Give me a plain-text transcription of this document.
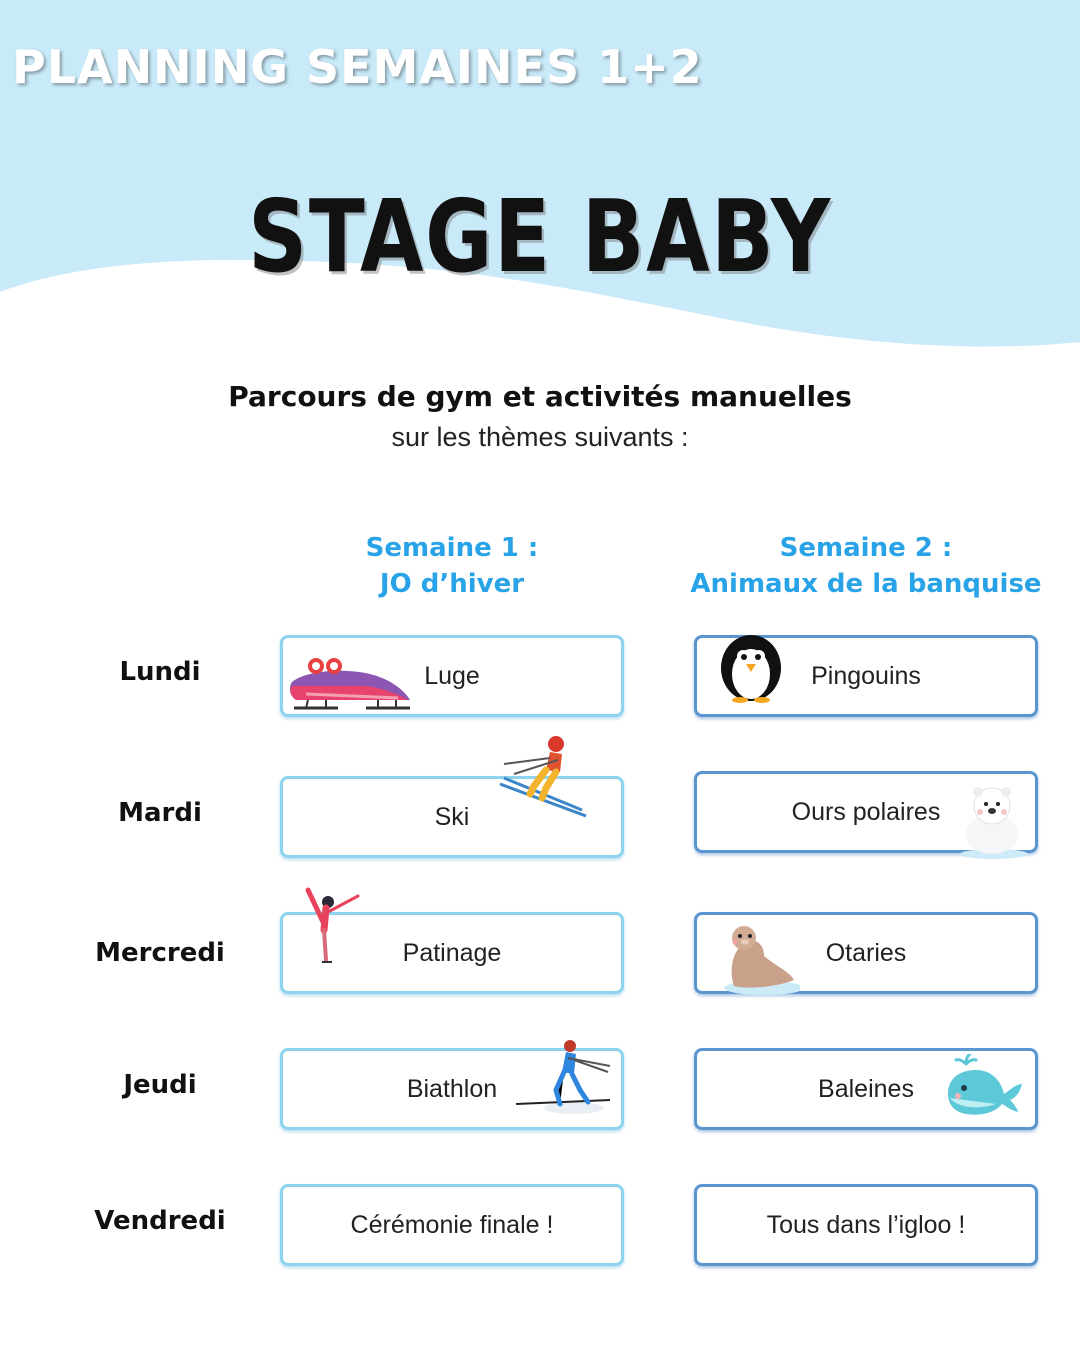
PLANNING SEMAINES 1+2
STAGE BABY

Parcours de gym et activités manuelles

sur les thèmes suivants :

Semaine 1 :
JO d’hiver
Semaine 2 :
Animaux de la banquise
Lundi
Mardi
Mercredi
Jeudi
Vendredi
Luge
Ski
Patinage
Biathlon
Cérémonie finale !
Pingouins
Ours polaires
Otaries
Baleines
Tous dans l’igloo !
